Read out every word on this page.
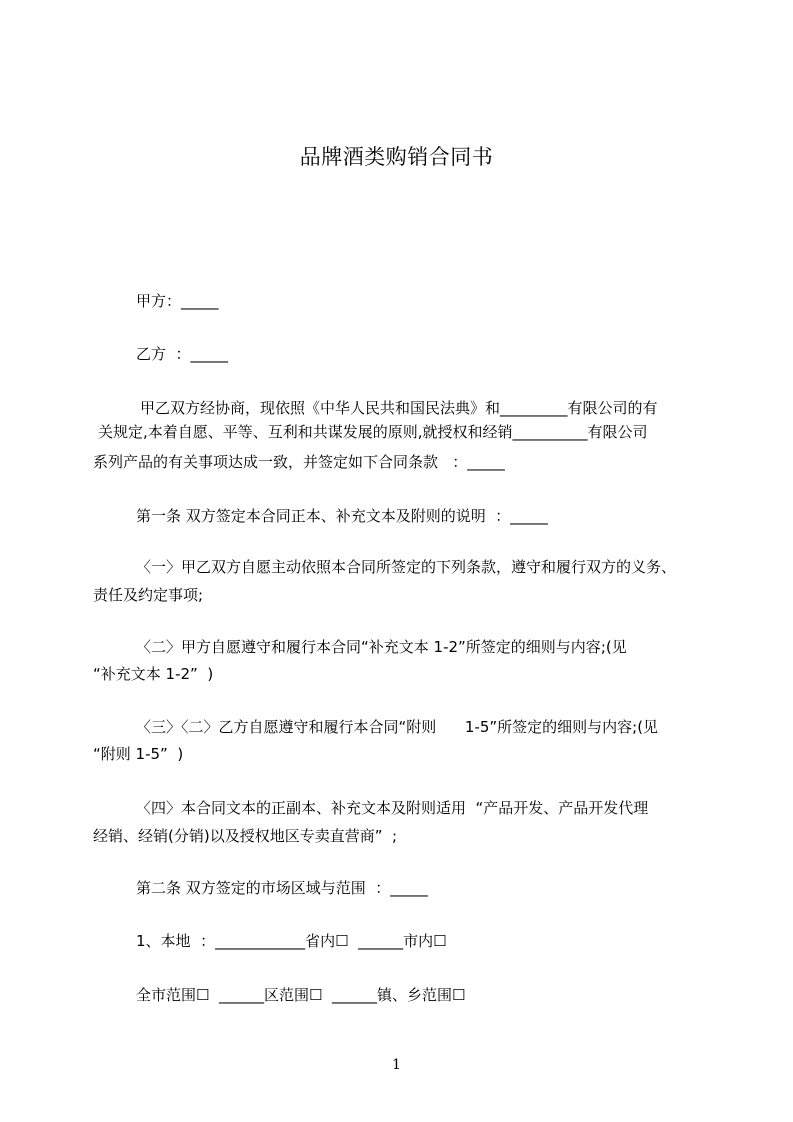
品牌酒类购销合同书
甲方：_____
乙方  ：_____
甲乙双方经协商，现依照《中华人民共和国民法典》和_________有限公司的有
关规定,本着自愿、平等、互利和共谋发展的原则,就授权和经销__________有限公司
系列产品的有关事项达成一致，并签定如下合同条款   ：_____
第一条 双方签定本合同正本、补充文本及附则的说明  ：_____
〈一〉甲乙双方自愿主动依照本合同所签定的下列条款，遵守和履行双方的义务、
责任及约定事项;
〈二〉甲方自愿遵守和履行本合同“补充文本 1-2”所签定的细则与内容;(见
“补充文本 1-2”  )
〈三〉〈二〉乙方自愿遵守和履行本合同“附则      1-5”所签定的细则与内容;(见
“附则 1-5”  )
〈四〉本合同文本的正副本、补充文本及附则适用  “产品开发、产品开发代理
经销、经销(分销)以及授权地区专卖直营商”  ;
第二条 双方签定的市场区域与范围  ：_____
1、本地  ：____________省内☐  ______市内☐
全市范围☐  ______区范围☐  ______镇、乡范围☐
1
